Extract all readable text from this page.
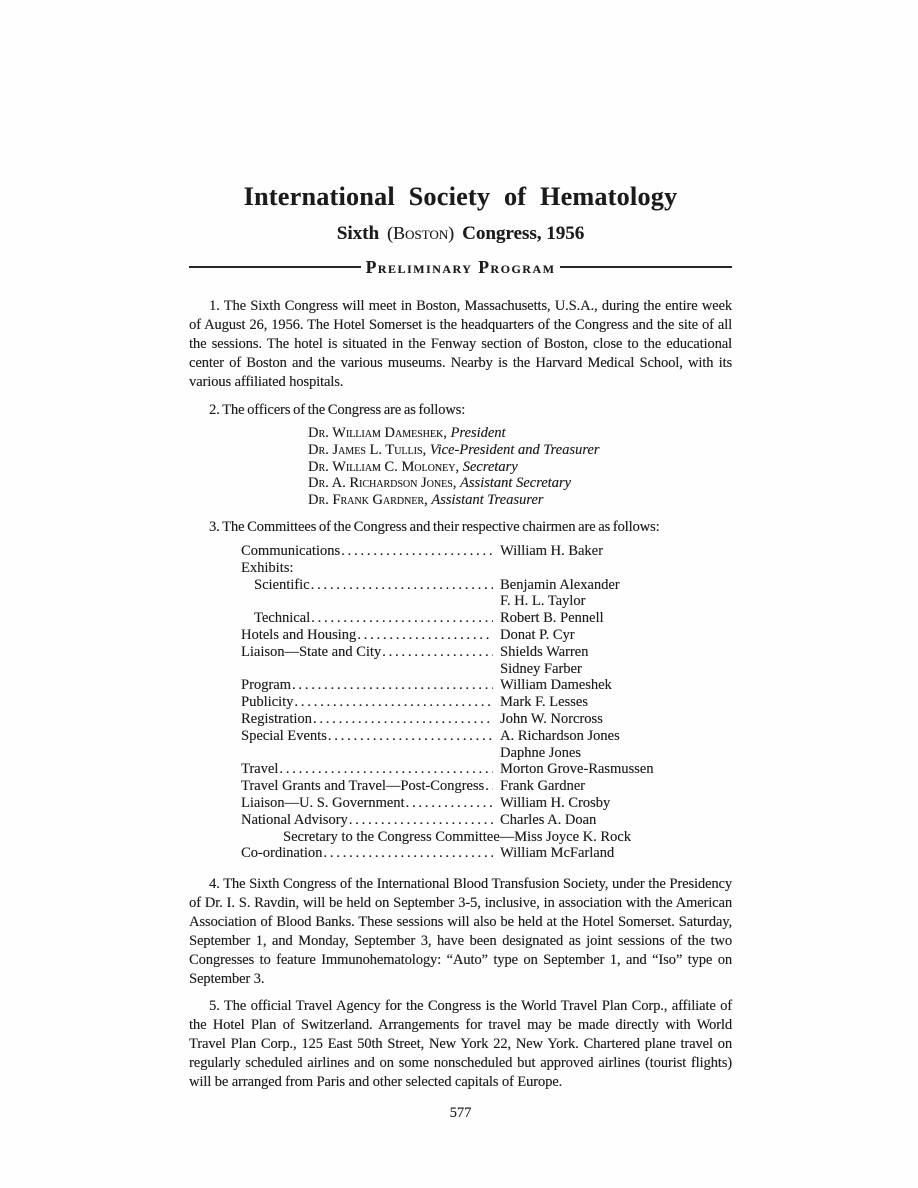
International Society of Hematology
Sixth (Boston) Congress, 1956
Preliminary Program

1. The Sixth Congress will meet in Boston, Massachusetts, U.S.A., during the entire week of August 26, 1956. The Hotel Somerset is the headquarters of the Congress and the site of all the sessions. The hotel is situated in the Fenway section of Boston, close to the educational center of Boston and the various museums. Nearby is the Harvard Medical School, with its various affiliated hospitals.

2. The officers of the Congress are as follows:

Dr. William Dameshek , President
Dr. James L. Tullis , Vice-President and Treasurer
Dr. William C. Moloney , Secretary
Dr. A. Richardson Jones , Assistant Secretary
Dr. Frank Gardner , Assistant Treasurer

3. The Committees of the Congress and their respective chairmen are as follows:

Communications .....	William H. Baker
Exhibits:
Scientific .....	Benjamin Alexander
F. H. L. Taylor
Technical .....	Robert B. Pennell
Hotels and Housing .....	Donat P. Cyr
Liaison—State and City .....	Shields Warren
Sidney Farber
Program .....	William Dameshek
Publicity .....	Mark F. Lesses
Registration .....	John W. Norcross
Special Events .....	A. Richardson Jones
Daphne Jones
Travel .....	Morton Grove-Rasmussen
Travel Grants and Travel—Post-Congress ..... Frank Gardner
Liaison—U. S. Government .....	William H. Crosby
National Advisory .....	Charles A. Doan
Secretary to the Congress Committee—Miss Joyce K. Rock
Co-ordination .....	William McFarland

4. The Sixth Congress of the International Blood Transfusion Society, under the Presidency of Dr. I. S. Ravdin, will be held on September 3-5, inclusive, in association with the American Association of Blood Banks. These sessions will also be held at the Hotel Somerset. Saturday, September 1, and Monday, September 3, have been designated as joint sessions of the two Congresses to feature Immunohematology: “Auto” type on September 1, and “Iso” type on September 3.

5. The official Travel Agency for the Congress is the World Travel Plan Corp., affiliate of the Hotel Plan of Switzerland. Arrangements for travel may be made directly with World Travel Plan Corp., 125 East 50th Street, New York 22, New York. Chartered plane travel on regularly scheduled airlines and on some nonscheduled but approved airlines (tourist flights) will be arranged from Paris and other selected capitals of Europe.

577
